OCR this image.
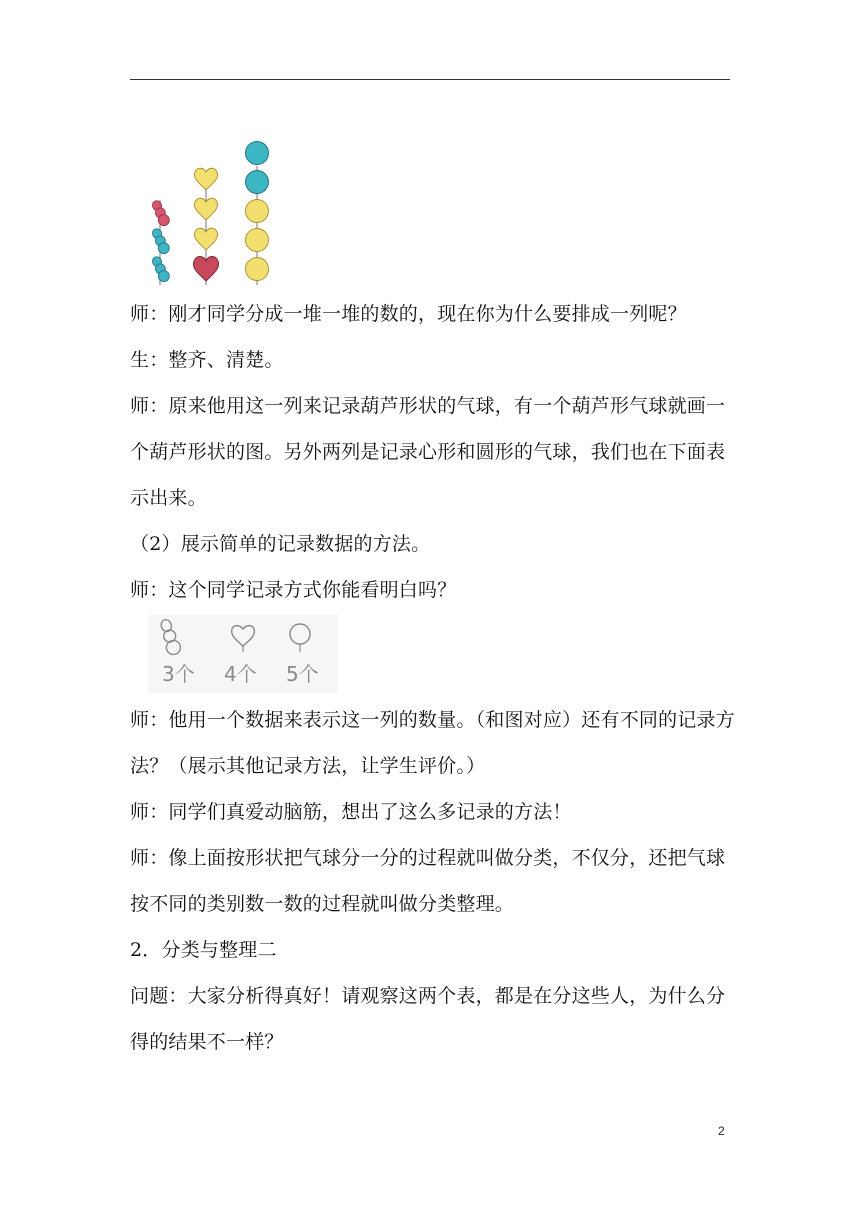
师：刚才同学分成一堆一堆的数的，现在你为什么要排成一列呢？

生：整齐、清楚。

师：原来他用这一列来记录葫芦形状的气球，有一个葫芦形气球就画一个葫芦形状的图。另外两列是记录心形和圆形的气球，我们也在下面表示出来。

（2）展示简单的记录数据的方法。

师：这个同学记录方式你能看明白吗？

3个 4个 5个

师：他用一个数据来表示这一列的数量。（和图对应）还有不同的记录方法？（展示其他记录方法，让学生评价。）

师：同学们真爱动脑筋，想出了这么多记录的方法！

师：像上面按形状把气球分一分的过程就叫做分类，不仅分，还把气球按不同的类别数一数的过程就叫做分类整理。

2．分类与整理二

问题：大家分析得真好！请观察这两个表，都是在分这些人，为什么分得的结果不一样？

2
